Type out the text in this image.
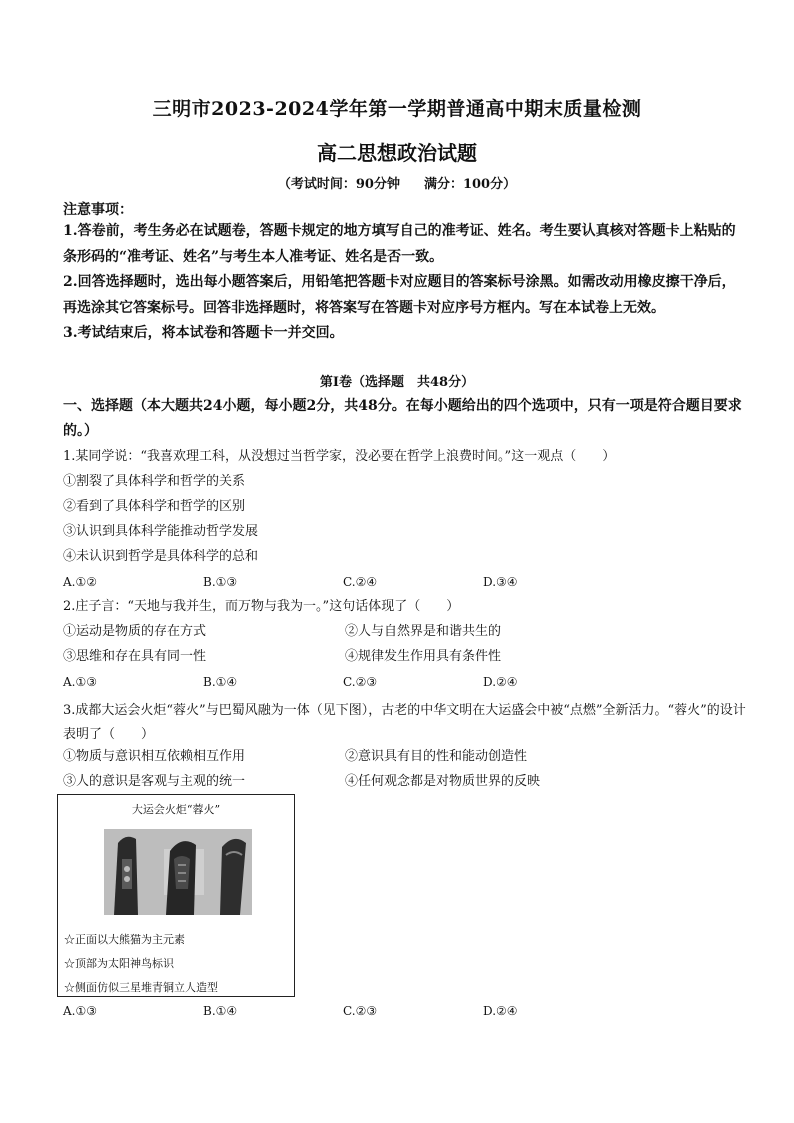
三明市2023-2024学年第一学期普通高中期末质量检测
高二思想政治试题
（考试时间：90分钟 满分：100分）
注意事项：

1.答卷前，考生务必在试题卷，答题卡规定的地方填写自己的准考证、姓名。考生要认真核对答题卡上粘贴的条形码的“准考证、姓名”与考生本人准考证、姓名是否一致。

2.回答选择题时，选出每小题答案后，用铅笔把答题卡对应题目的答案标号涂黑。如需改动用橡皮擦干净后，再选涂其它答案标号。回答非选择题时，将答案写在答题卡对应序号方框内。写在本试卷上无效。

3.考试结束后，将本试卷和答题卡一并交回。

第Ⅰ卷（选择题　共48分）
一、选择题（本大题共24小题，每小题2分，共48分。在每小题给出的四个选项中，只有一项是符合题目要求的。）
1.某同学说：“我喜欢理工科，从没想过当哲学家，没必要在哲学上浪费时间。”这一观点（　　）
①割裂了具体科学和哲学的关系
②看到了具体科学和哲学的区别
③认识到具体科学能推动哲学发展
④未认识到哲学是具体科学的总和
A.①②	B.①③	C.②④	D.③④
2.庄子言：“天地与我并生，而万物与我为一。”这句话体现了（　　）
①运动是物质的存在方式	②人与自然界是和谐共生的
③思维和存在具有同一性	④规律发生作用具有条件性
A.①③	B.①④	C.②③	D.②④
3.成都大运会火炬“蓉火”与巴蜀风融为一体（见下图），古老的中华文明在大运盛会中被“点燃”全新活力。“蓉火”的设计表明了（　　）
①物质与意识相互依赖相互作用	②意识具有目的性和能动创造性
③人的意识是客观与主观的统一	④任何观念都是对物质世界的反映
大运会火炬“蓉火”
☆正面以大熊猫为主元素
☆顶部为太阳神鸟标识
☆侧面仿似三星堆青铜立人造型
A.①③	B.①④	C.②③	D.②④
